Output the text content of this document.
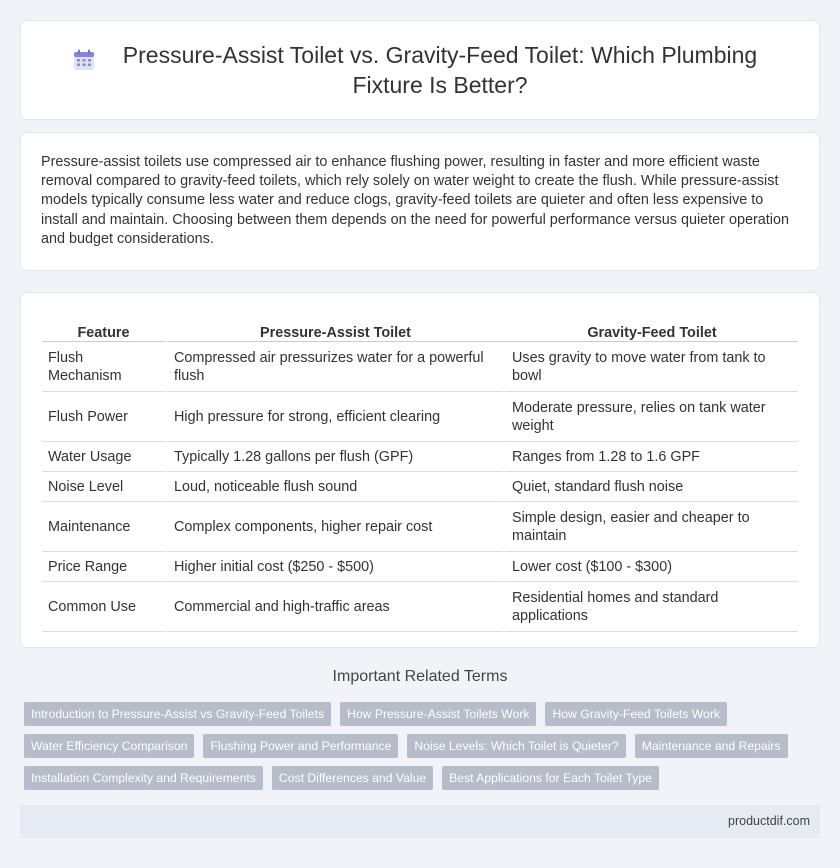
Pressure-Assist Toilet vs. Gravity-Feed Toilet: Which Plumbing Fixture Is Better?

Pressure-assist toilets use compressed air to enhance flushing power, resulting in faster and more efficient waste removal compared to gravity-feed toilets, which rely solely on water weight to create the flush. While pressure-assist models typically consume less water and reduce clogs, gravity-feed toilets are quieter and often less expensive to install and maintain. Choosing between them depends on the need for powerful performance versus quieter operation and budget considerations.

Feature	Pressure-Assist Toilet	Gravity-Feed Toilet
Flush Mechanism	Compressed air pressurizes water for a powerful flush	Uses gravity to move water from tank to bowl
Flush Power	High pressure for strong, efficient clearing	Moderate pressure, relies on tank water weight
Water Usage	Typically 1.28 gallons per flush (GPF)	Ranges from 1.28 to 1.6 GPF
Noise Level	Loud, noticeable flush sound	Quiet, standard flush noise
Maintenance	Complex components, higher repair cost	Simple design, easier and cheaper to maintain
Price Range	Higher initial cost ($250 - $500)	Lower cost ($100 - $300)
Common Use	Commercial and high-traffic areas	Residential homes and standard applications
Important Related Terms
Introduction to Pressure-Assist vs Gravity-Feed Toilets	How Pressure-Assist Toilets Work	How Gravity-Feed Toilets Work
Water Efficiency Comparison	Flushing Power and Performance	Noise Levels: Which Toilet is Quieter?	Maintenance and Repairs
Installation Complexity and Requirements	Cost Differences and Value	Best Applications for Each Toilet Type
productdif.com
